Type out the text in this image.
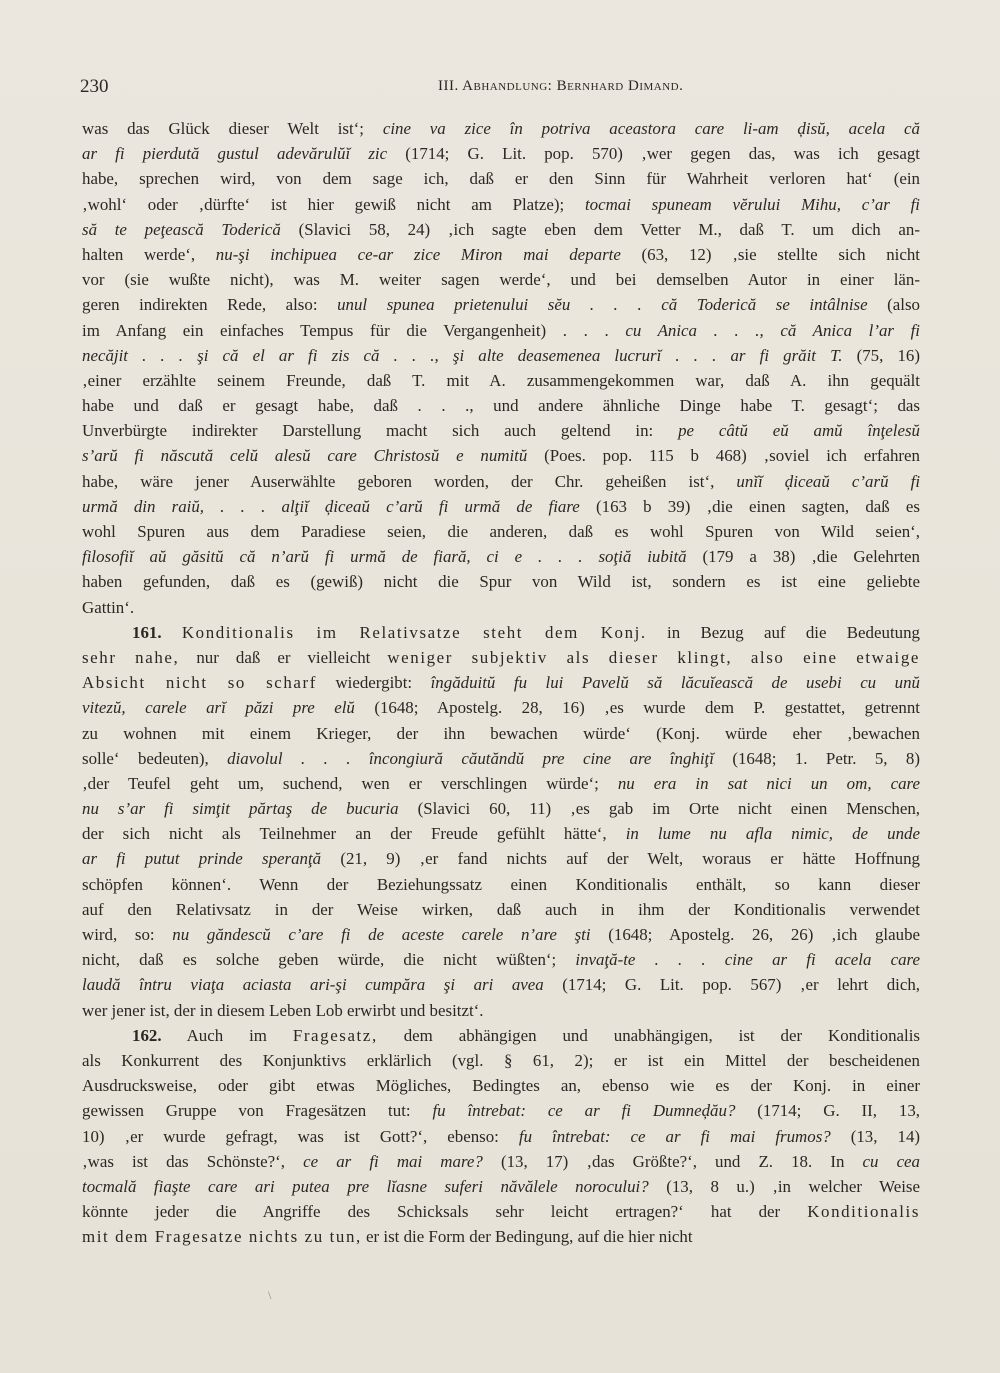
230	III. Abhandlung: Bernhard Dimand.
was das Glück dieser Welt ist‘; cine va zice în potriva aceastora care li-am ḑisŭ, acela că
ar fi pierdută gustul adevărulŭĭ zic (1714; G. Lit. pop. 570) ‚wer gegen das, was ich gesagt
habe, sprechen wird, von dem sage ich, daß er den Sinn für Wahrheit verloren hat‘ (ein
‚wohl‘ oder ‚dürfte‘ ist hier gewiß nicht am Platze); tocmai spuneam vĕrului Mihu, c’ar fi
să te peţească Toderică (Slavici 58, 24) ‚ich sagte eben dem Vetter M., daß T. um dich an-
halten werde‘, nu-şi inchipuea ce-ar zice Miron mai departe (63, 12) ‚sie stellte sich nicht
vor (sie wußte nicht), was M. weiter sagen werde‘, und bei demselben Autor in einer län-
geren indirekten Rede, also: unul spunea prietenului sĕu . . . că Toderică se intâlnise (also
im Anfang ein einfaches Tempus für die Vergangenheit) . . . cu Anica . . ., că Anica l’ar fi
necăjit . . . şi că el ar fi zis că . . ., şi alte deasemenea lucrurĭ . . . ar fi grăit T. (75, 16)
‚einer erzählte seinem Freunde, daß T. mit A. zusammengekommen war, daß A. ihn gequält
habe und daß er gesagt habe, daß . . ., und andere ähnliche Dinge habe T. gesagt‘; das
Unverbürgte indirekter Darstellung macht sich auch geltend in: pe câtŭ eŭ amŭ înţelesŭ
s’arŭ fi născută celŭ alesŭ care Christosŭ e numitŭ (Poes. pop. 115 b 468) ‚soviel ich erfahren
habe, wäre jener Auserwählte geboren worden, der Chr. geheißen ist‘, unĭĭ ḑiceaŭ c’arŭ fi
urmă din raiŭ, . . . alţiĭ ḑiceaŭ c’arŭ fi urmă de fiare (163 b 39) ‚die einen sagten, daß es
wohl Spuren aus dem Paradiese seien, die anderen, daß es wohl Spuren von Wild seien‘,
filosofiĭ aŭ găsitŭ că n’arŭ fi urmă de fiară, ci e . . . soţiă iubită (179 a 38) ‚die Gelehrten
haben gefunden, daß es (gewiß) nicht die Spur von Wild ist, sondern es ist eine geliebte
Gattin‘.
161. Konditionalis im Relativsatze steht dem Konj. in Bezug auf die Bedeutung
sehr nahe, nur daß er vielleicht weniger subjektiv als dieser klingt, also eine etwaige
Absicht nicht so scharf wiedergibt: îngăduitŭ fu lui Pavelŭ să lăcuĭească de usebi cu unŭ
vitezŭ, carele arĭ păzi pre elŭ (1648; Apostelg. 28, 16) ‚es wurde dem P. gestattet, getrennt
zu wohnen mit einem Krieger, der ihn bewachen würde‘ (Konj. würde eher ‚bewachen
solle‘ bedeuten), diavolul . . . încongiură căutăndŭ pre cine are înghiţĭ (1648; 1. Petr. 5, 8)
‚der Teufel geht um, suchend, wen er verschlingen würde‘; nu era in sat nici un om, care
nu s’ar fi simţit părtaş de bucuria (Slavici 60, 11) ‚es gab im Orte nicht einen Menschen,
der sich nicht als Teilnehmer an der Freude gefühlt hätte‘, in lume nu afla nimic, de unde
ar fi putut prinde speranţă (21, 9) ‚er fand nichts auf der Welt, woraus er hätte Hoffnung
schöpfen können‘. Wenn der Beziehungssatz einen Konditionalis enthält, so kann dieser
auf den Relativsatz in der Weise wirken, daß auch in ihm der Konditionalis verwendet
wird, so: nu găndescŭ c’are fi de aceste carele n’are şti (1648; Apostelg. 26, 26) ‚ich glaube
nicht, daß es solche geben würde, die nicht wüßten‘; invaţă-te . . . cine ar fi acela care
laudă întru viaţa aciasta ari-şi cumpăra şi ari avea (1714; G. Lit. pop. 567) ‚er lehrt dich,
wer jener ist, der in diesem Leben Lob erwirbt und besitzt‘.
162. Auch im Fragesatz, dem abhängigen und unabhängigen, ist der Konditionalis
als Konkurrent des Konjunktivs erklärlich (vgl. § 61, 2); er ist ein Mittel der bescheidenen
Ausdrucksweise, oder gibt etwas Mögliches, Bedingtes an, ebenso wie es der Konj. in einer
gewissen Gruppe von Fragesätzen tut: fu întrebat: ce ar fi Dumneḑău? (1714; G. II, 13,
10) ‚er wurde gefragt, was ist Gott?‘, ebenso: fu întrebat: ce ar fi mai frumos? (13, 14)
‚was ist das Schönste?‘, ce ar fi mai mare? (13, 17) ‚das Größte?‘, und Z. 18. In cu cea
tocmală fiaşte care ari putea pre lĭasne suferi năvălele norocului? (13, 8 u.) ‚in welcher Weise
könnte jeder die Angriffe des Schicksals sehr leicht ertragen?‘ hat der Konditionalis
mit dem Fragesatze nichts zu tun, er ist die Form der Bedingung, auf die hier nicht
\
